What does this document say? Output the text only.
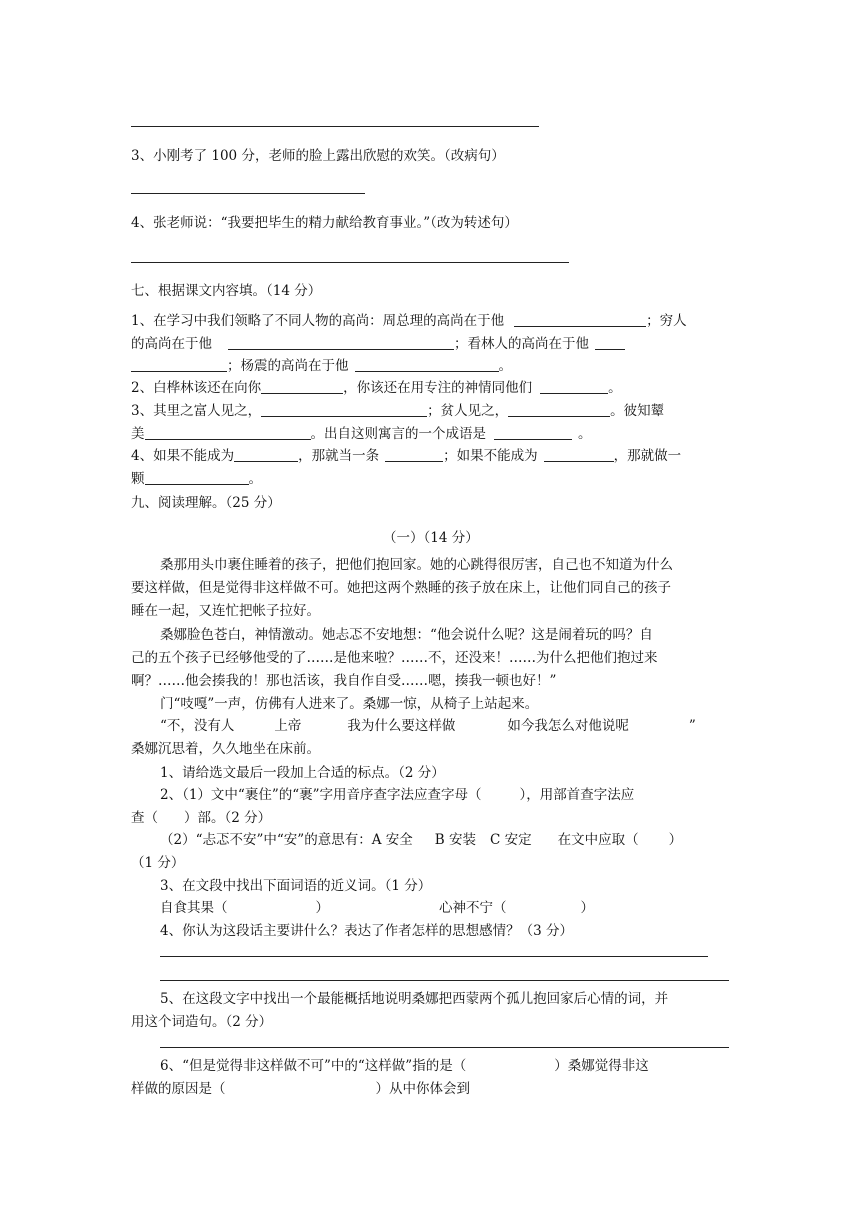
3、小刚考了 100 分，老师的脸上露出欣慰的欢笑。（改病句）
4、张老师说：“我要把毕生的精力献给教育事业。”（改为转述句）
七、根据课文内容填。（14 分）
1、在学习中我们领略了不同人物的高尚：周总理的高尚在于他	；穷人
的高尚在于他	；看林人的高尚在于他
；杨震的高尚在于他	。
2、白桦林该还在向你	，你该还在用专注的神情同他们	。
3、其里之富人见之，	；贫人见之，	。彼知颦
美	。出自这则寓言的一个成语是	。
4、如果不能成为	，那就当一条	；如果不能成为	，那就做一
颗	。
九、阅读理解。（25 分）
（一）（14 分）
桑那用头巾裹住睡着的孩子，把他们抱回家。她的心跳得很厉害，自己也不知道为什么
要这样做，但是觉得非这样做不可。她把这两个熟睡的孩子放在床上，让他们同自己的孩子
睡在一起，又连忙把帐子拉好。
桑娜脸色苍白，神情激动。她忐忑不安地想：“他会说什么呢？这是闹着玩的吗？自
己的五个孩子已经够他受的了……是他来啦？……不，还没来！……为什么把他们抱过来
啊？……他会揍我的！那也活该，我自作自受……嗯，揍我一顿也好！”
门“吱嘎”一声，仿佛有人进来了。桑娜一惊，从椅子上站起来。
“不，没有人	上帝	我为什么要这样做	如今我怎么对他说呢	”
桑娜沉思着，久久地坐在床前。
1、请给选文最后一段加上合适的标点。（2 分）
2、（1）文中“裹住”的“裹”字用音序查字法应查字母（	），用部首查字法应
查（ ）部。（2 分）
（2）“忐忑不安”中“安”的意思有：A 安全 B 安装 C 安定 在文中应取（ ）
（1 分）
3、在文段中找出下面词语的近义词。（1 分）
自食其果（	）	心神不宁（	）
4、你认为这段话主要讲什么？表达了作者怎样的思想感情？（3 分）
5、在这段文字中找出一个最能概括地说明桑娜把西蒙两个孤儿抱回家后心情的词，并
用这个词造句。（2 分）
6、“但是觉得非这样做不可”中的“这样做”指的是（	）桑娜觉得非这
样做的原因是（	）从中你体会到
